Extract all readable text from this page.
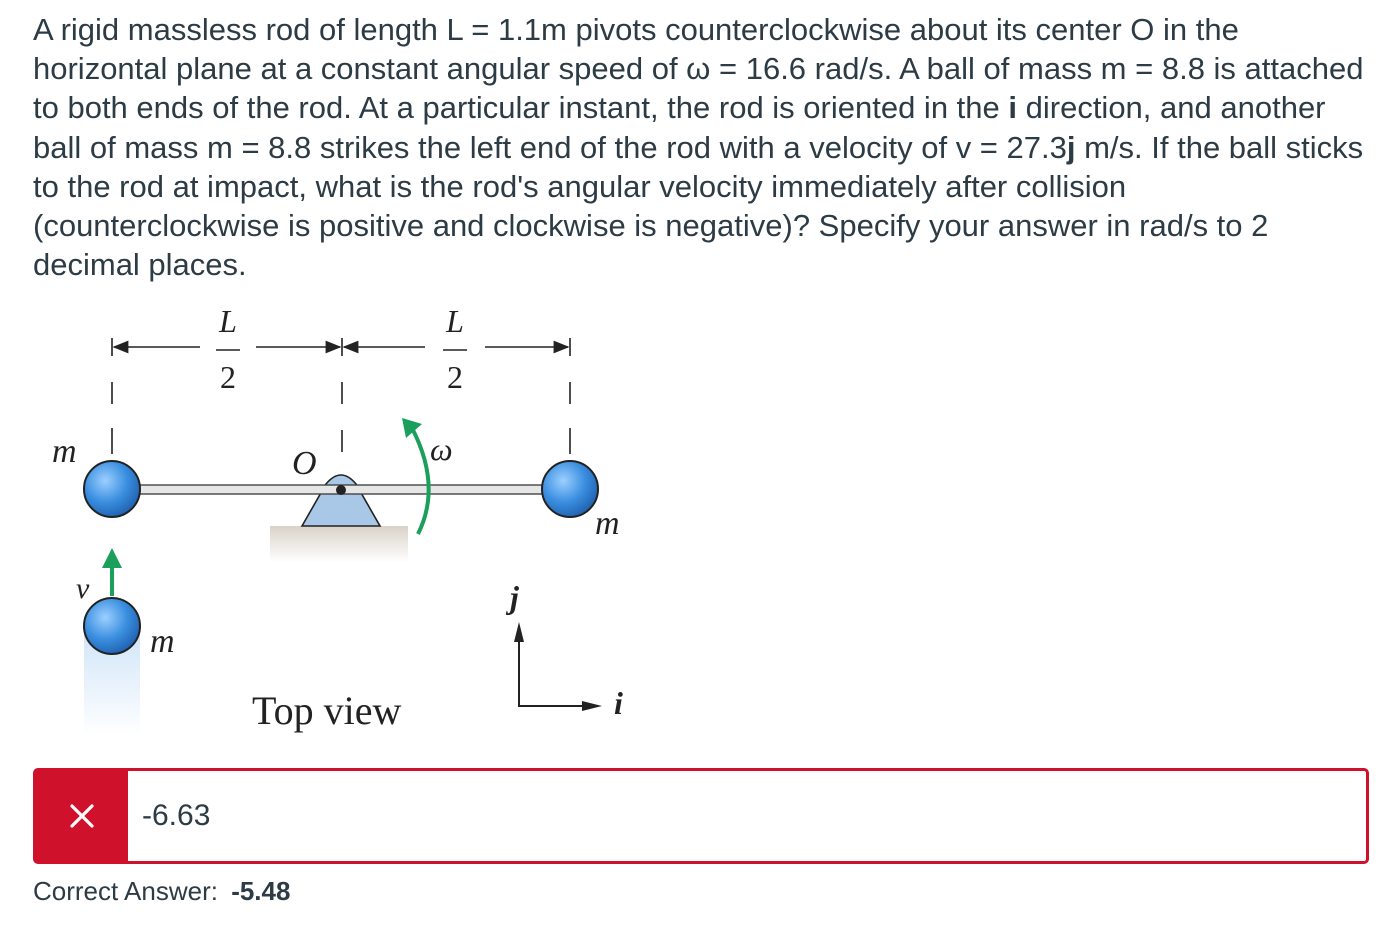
A rigid massless rod of length L = 1.1m pivots counterclockwise about its center O in the horizontal plane at a constant angular speed of ω = 16.6 rad/s. A ball of mass m = 8.8 is attached to both ends of the rod. At a particular instant, the rod is oriented in the i direction, and another ball of mass m = 8.8 strikes the left end of the rod with a velocity of v = 27.3j m/s. If the ball sticks to the rod at impact, what is the rod's angular velocity immediately after collision (counterclockwise is positive and clockwise is negative)? Specify your answer in rad/s to 2 decimal places.
L
2
L
2
m
m
m
O	ω
v	j
i
Top view
-6.63
Correct Answer: -5.48
